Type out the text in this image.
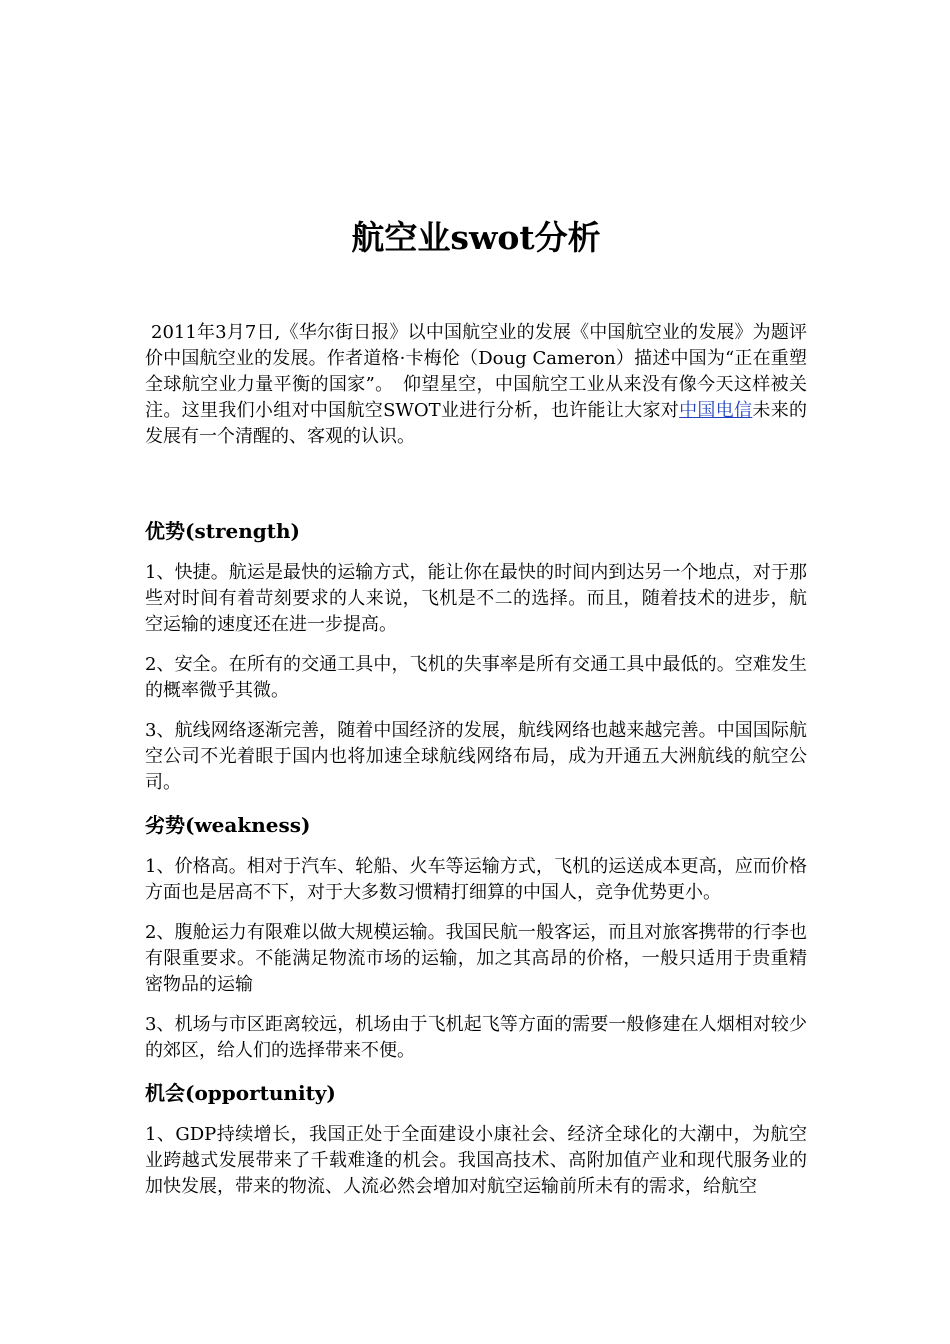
航空业swot分析

2011年3月7日,《华尔街日报》以中国航空业的发展《中国航空业的发展》为题评价中国航空业的发展。作者道格·卡梅伦（Doug Cameron）描述中国为“正在重塑全球航空业力量平衡的国家”。　仰望星空，中国航空工业从来没有像今天这样被关注。这里我们小组对中国航空SWOT业进行分析，也许能让大家对中国电信未来的发展有一个清醒的、客观的认识。

优势(strength)

1、快捷。航运是最快的运输方式，能让你在最快的时间内到达另一个地点，对于那些对时间有着苛刻要求的人来说，飞机是不二的选择。而且，随着技术的进步，航空运输的速度还在进一步提高。

2、安全。在所有的交通工具中，飞机的失事率是所有交通工具中最低的。空难发生的概率微乎其微。

3、航线网络逐渐完善，随着中国经济的发展，航线网络也越来越完善。中国国际航空公司不光着眼于国内也将加速全球航线网络布局，成为开通五大洲航线的航空公司。

劣势(weakness)

1、价格高。相对于汽车、轮船、火车等运输方式，飞机的运送成本更高，应而价格方面也是居高不下，对于大多数习惯精打细算的中国人，竞争优势更小。

2、腹舱运力有限难以做大规模运输。我国民航一般客运，而且对旅客携带的行李也有限重要求。不能满足物流市场的运输，加之其高昂的价格，一般只适用于贵重精密物品的运输

3、机场与市区距离较远，机场由于飞机起飞等方面的需要一般修建在人烟相对较少的郊区，给人们的选择带来不便。

机会(opportunity)

1、GDP持续增长，我国正处于全面建设小康社会、经济全球化的大潮中，为航空业跨越式发展带来了千载难逢的机会。我国高技术、高附加值产业和现代服务业的加快发展，带来的物流、人流必然会增加对航空运输前所未有的需求，给航空
